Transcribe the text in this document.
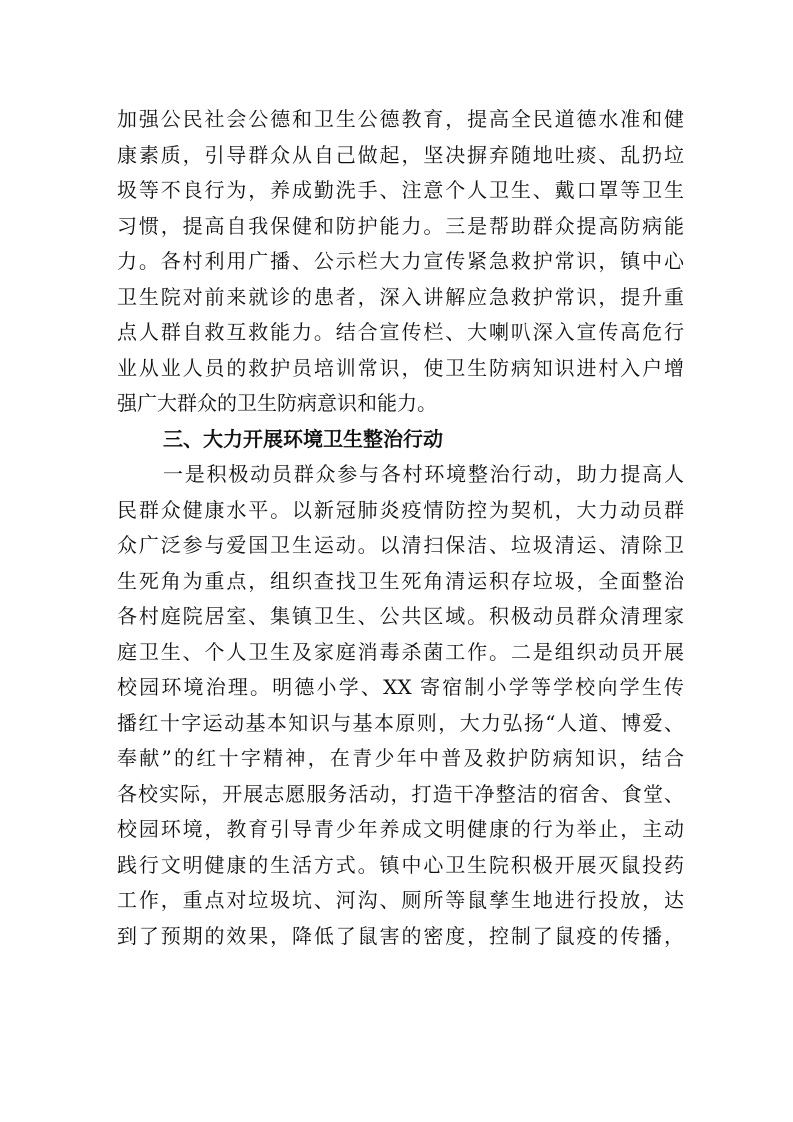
加强公民社会公德和卫生公德教育，提高全民道德水准和健
康素质，引导群众从自己做起，坚决摒弃随地吐痰、乱扔垃
圾等不良行为，养成勤洗手、注意个人卫生、戴口罩等卫生
习惯，提高自我保健和防护能力。三是帮助群众提高防病能
力。各村利用广播、公示栏大力宣传紧急救护常识，镇中心
卫生院对前来就诊的患者，深入讲解应急救护常识，提升重
点人群自救互救能力。结合宣传栏、大喇叭深入宣传高危行
业从业人员的救护员培训常识，使卫生防病知识进村入户增
强广大群众的卫生防病意识和能力。
三、大力开展环境卫生整治行动
一是积极动员群众参与各村环境整治行动，助力提高人
民群众健康水平。以新冠肺炎疫情防控为契机，大力动员群
众广泛参与爱国卫生运动。以清扫保洁、垃圾清运、清除卫
生死角为重点，组织查找卫生死角清运积存垃圾，全面整治
各村庭院居室、集镇卫生、公共区域。积极动员群众清理家
庭卫生、个人卫生及家庭消毒杀菌工作。二是组织动员开展
校园环境治理。明德小学、XX 寄宿制小学等学校向学生传
播红十字运动基本知识与基本原则，大力弘扬“人道、博爱、
奉献”的红十字精神，在青少年中普及救护防病知识，结合
各校实际，开展志愿服务活动，打造干净整洁的宿舍、食堂、
校园环境，教育引导青少年养成文明健康的行为举止，主动
践行文明健康的生活方式。镇中心卫生院积极开展灭鼠投药
工作，重点对垃圾坑、河沟、厕所等鼠孳生地进行投放，达
到了预期的效果，降低了鼠害的密度，控制了鼠疫的传播，
